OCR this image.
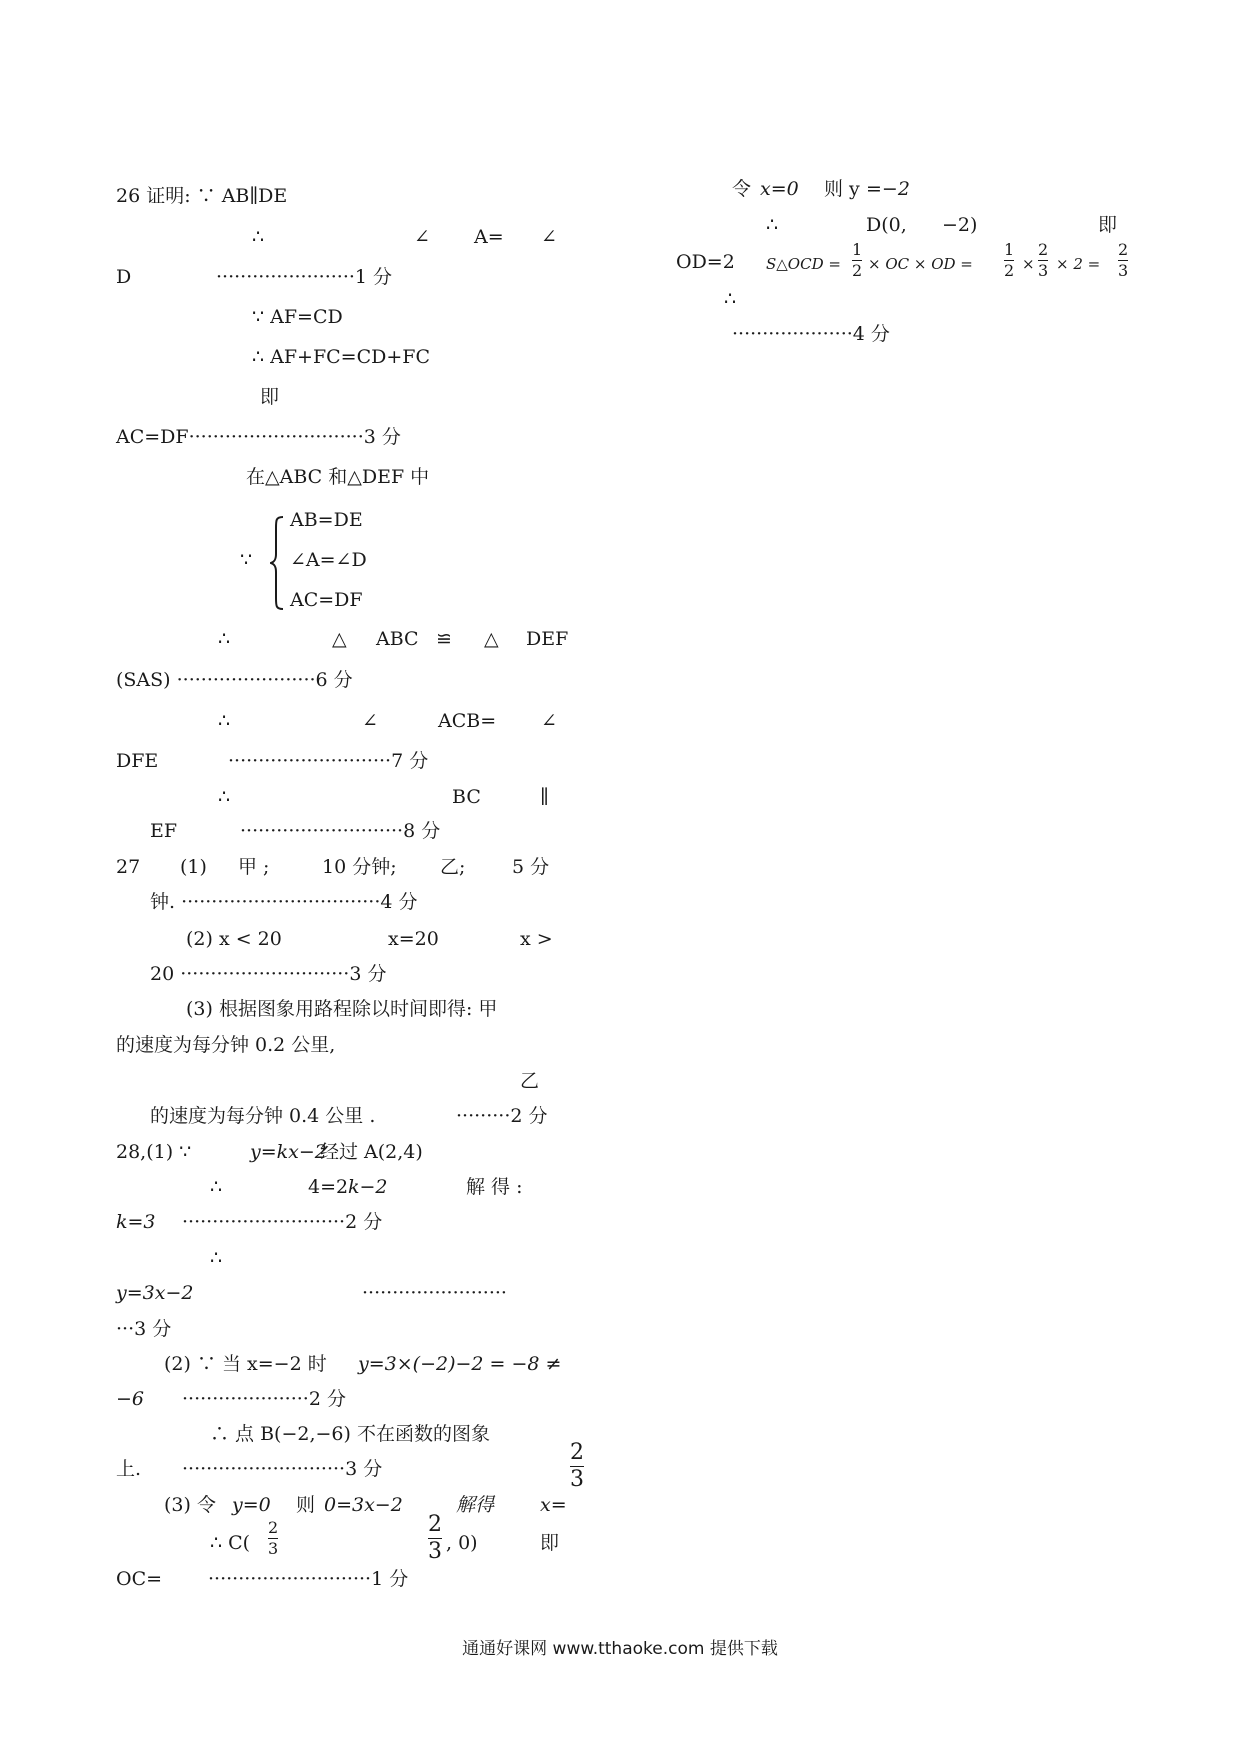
26 证明: ∵ AB∥DE
∴	∠ A= ∠
D	·······················1 分
∵ AF=CD
∴ AF+FC=CD+FC
即
AC=DF·····························3 分
在△ABC 和△DEF 中
∵
AB=DE
∠A=∠D
AC=DF
∴	△ ABC ≌ △ DEF
(SAS) ·······················6 分
∴	∠	ACB= ∠
DFE	···························7 分
∴	BC	∥
EF	···························8 分
27 (1) 甲 ;	10 分钟; 乙; 5 分
钟. ·································4 分
(2) x < 20	x=20	x >
20 ····························3 分
(3) 根据图象用路程除以时间即得: 甲
的速度为每分钟 0.2 公里,
乙
的速度为每分钟 0.4 公里 .	·········2 分
28,(1) ∵	y=kx−2
经过 A(2,4)
∴	4=2 k−2	解 得 :
k=3 ···························2 分
∴
y=3x−2	························
···3 分
(2) ∵ 当 x=−2 时 y=3×(−2)−2 = −8 ≠
−6 ·····················2 分
∴ 点 B(−2,−6) 不在函数的图象
上. ···························3 分
2
3
(3) 令 y=0 则 0=3x−2	解得 x=
∴ C(
2
3
2
3 , 0)	即
OC= ···························1 分
令 x=0 则 y =−2
∴	D(0, −2)	即
OD=2 S△OCD =
1
2 × OC × OD =
1
2 ×
2
3 × 2 =
2
3
∴
····················4 分
通通好课网 www.tthaoke.com 提供下载
